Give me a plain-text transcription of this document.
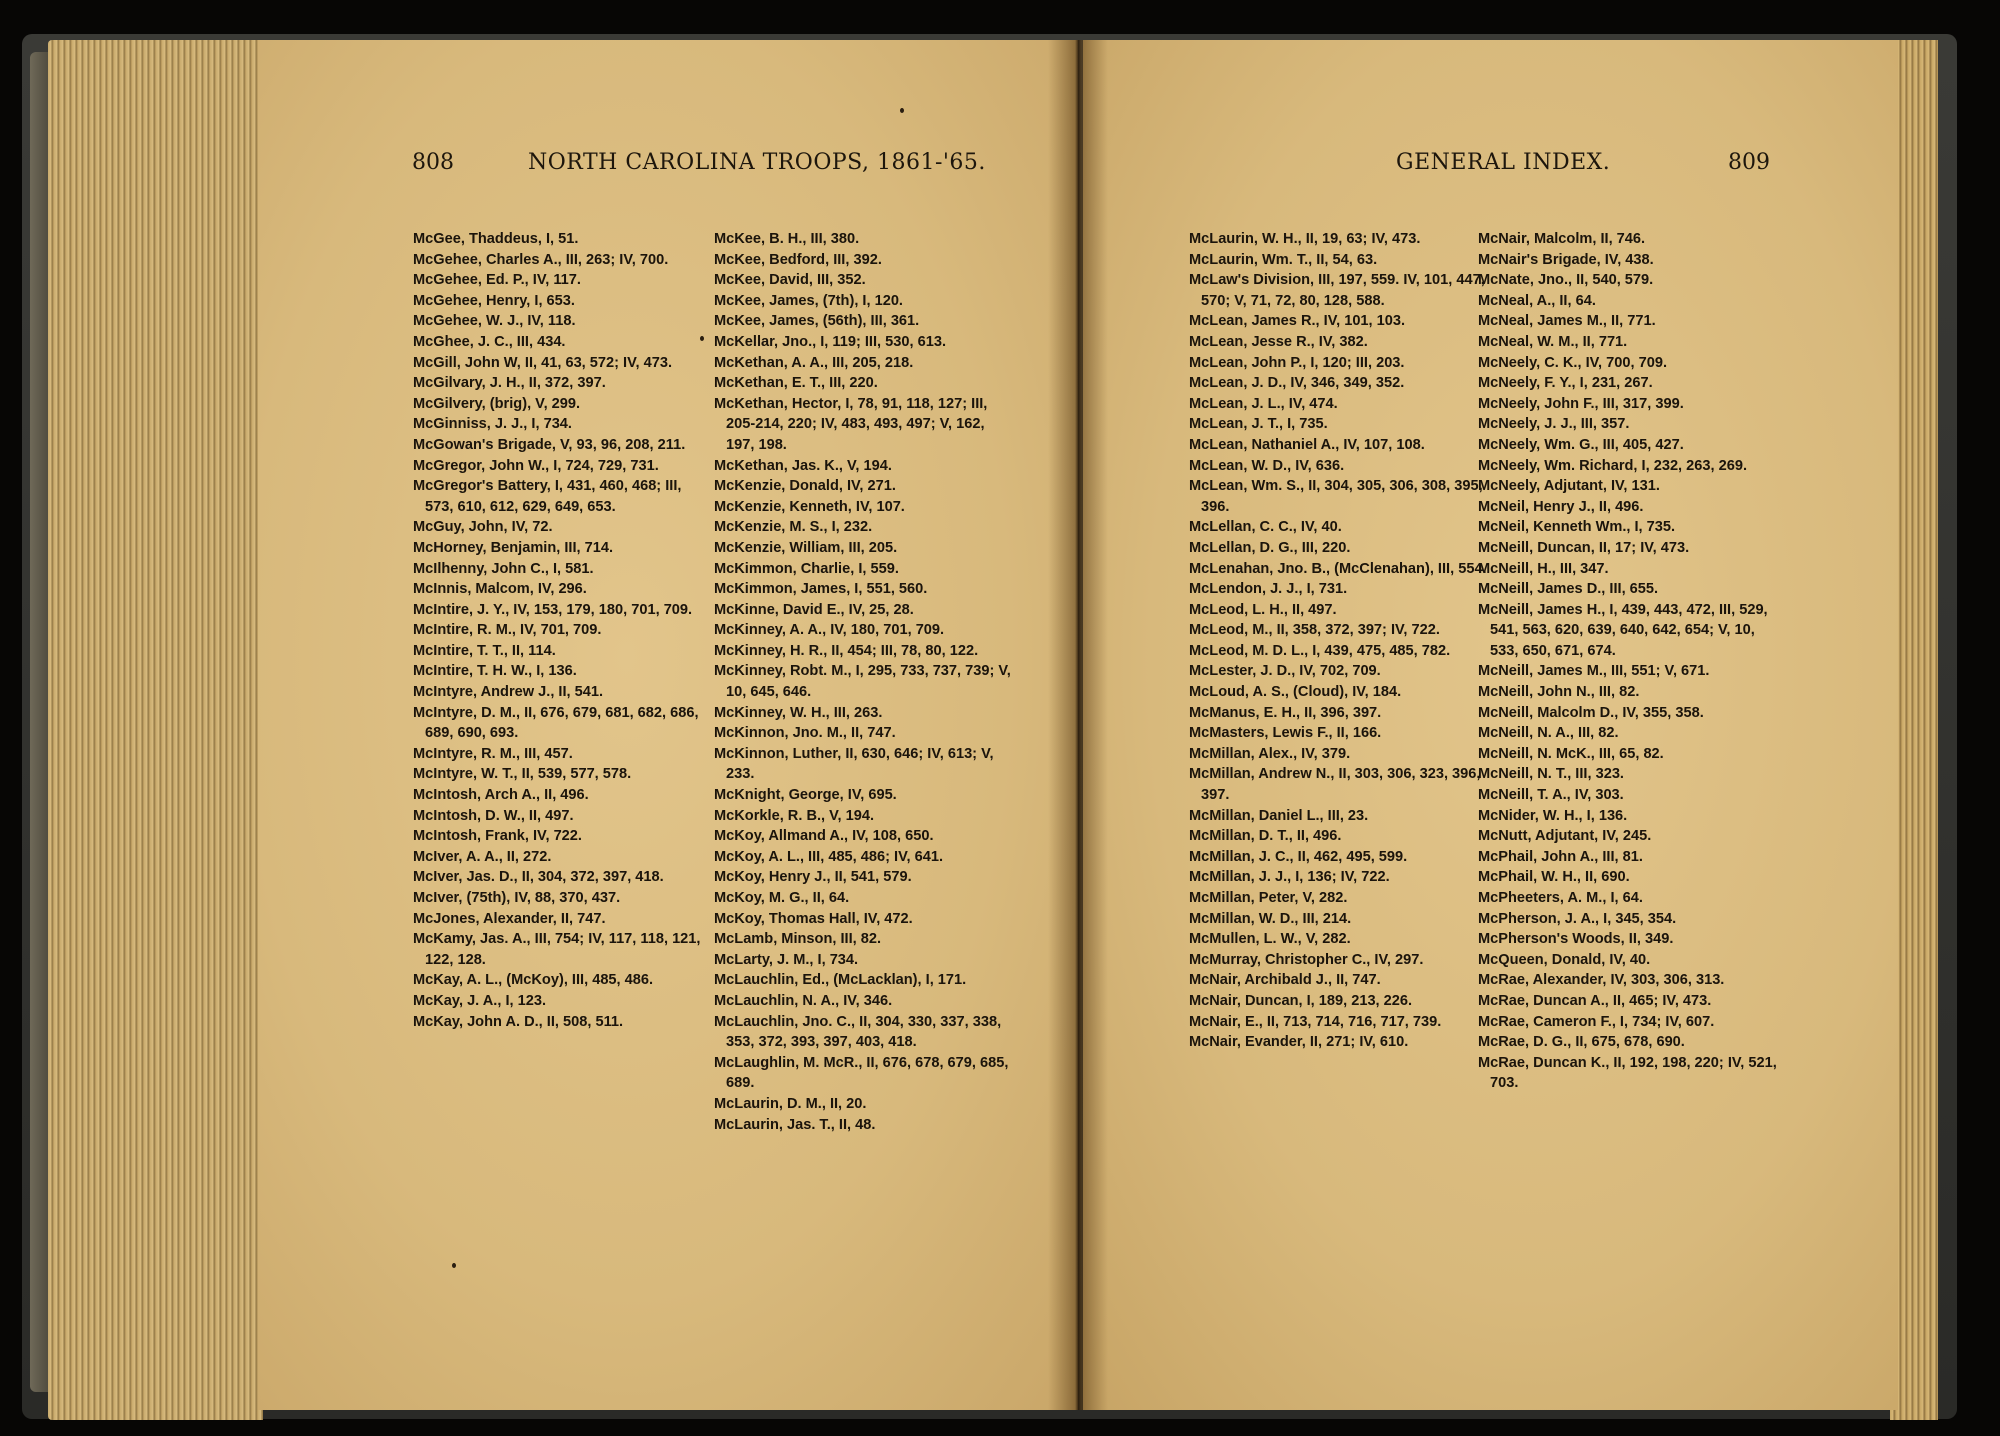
808	NORTH CAROLINA TROOPS, 1861-'65.	GENERAL INDEX.	809
McGee, Thaddeus, I, 51.
McGehee, Charles A., III, 263; IV, 700.
McGehee, Ed. P., IV, 117.
McGehee, Henry, I, 653.
McGehee, W. J., IV, 118.
McGhee, J. C., III, 434.
McGill, John W, II, 41, 63, 572; IV, 473.
McGilvary, J. H., II, 372, 397.
McGilvery, (brig), V, 299.
McGinniss, J. J., I, 734.
McGowan's Brigade, V, 93, 96, 208, 211.
McGregor, John W., I, 724, 729, 731.
McGregor's Battery, I, 431, 460, 468; III, 573, 610, 612, 629, 649, 653.
McGuy, John, IV, 72.
McHorney, Benjamin, III, 714.
McIlhenny, John C., I, 581.
McInnis, Malcom, IV, 296.
McIntire, J. Y., IV, 153, 179, 180, 701, 709.
McIntire, R. M., IV, 701, 709.
McIntire, T. T., II, 114.
McIntire, T. H. W., I, 136.
McIntyre, Andrew J., II, 541.
McIntyre, D. M., II, 676, 679, 681, 682, 686, 689, 690, 693.
McIntyre, R. M., III, 457.
McIntyre, W. T., II, 539, 577, 578.
McIntosh, Arch A., II, 496.
McIntosh, D. W., II, 497.
McIntosh, Frank, IV, 722.
McIver, A. A., II, 272.
McIver, Jas. D., II, 304, 372, 397, 418.
McIver, (75th), IV, 88, 370, 437.
McJones, Alexander, II, 747.
McKamy, Jas. A., III, 754; IV, 117, 118, 121, 122, 128.
McKay, A. L., (McKoy), III, 485, 486.
McKay, J. A., I, 123.
McKay, John A. D., II, 508, 511.
McKee, B. H., III, 380.
McKee, Bedford, III, 392.
McKee, David, III, 352.
McKee, James, (7th), I, 120.
McKee, James, (56th), III, 361.
McKellar, Jno., I, 119; III, 530, 613.
McKethan, A. A., III, 205, 218.
McKethan, E. T., III, 220.
McKethan, Hector, I, 78, 91, 118, 127; III, 205-214, 220; IV, 483, 493, 497; V, 162, 197, 198.
McKethan, Jas. K., V, 194.
McKenzie, Donald, IV, 271.
McKenzie, Kenneth, IV, 107.
McKenzie, M. S., I, 232.
McKenzie, William, III, 205.
McKimmon, Charlie, I, 559.
McKimmon, James, I, 551, 560.
McKinne, David E., IV, 25, 28.
McKinney, A. A., IV, 180, 701, 709.
McKinney, H. R., II, 454; III, 78, 80, 122.
McKinney, Robt. M., I, 295, 733, 737, 739; V, 10, 645, 646.
McKinney, W. H., III, 263.
McKinnon, Jno. M., II, 747.
McKinnon, Luther, II, 630, 646; IV, 613; V, 233.
McKnight, George, IV, 695.
McKorkle, R. B., V, 194.
McKoy, Allmand A., IV, 108, 650.
McKoy, A. L., III, 485, 486; IV, 641.
McKoy, Henry J., II, 541, 579.
McKoy, M. G., II, 64.
McKoy, Thomas Hall, IV, 472.
McLamb, Minson, III, 82.
McLarty, J. M., I, 734.
McLauchlin, Ed., (McLacklan), I, 171.
McLauchlin, N. A., IV, 346.
McLauchlin, Jno. C., II, 304, 330, 337, 338, 353, 372, 393, 397, 403, 418.
McLaughlin, M. McR., II, 676, 678, 679, 685, 689.
McLaurin, D. M., II, 20.
McLaurin, Jas. T., II, 48.
McLaurin, W. H., II, 19, 63; IV, 473.
McLaurin, Wm. T., II, 54, 63.
McLaw's Division, III, 197, 559. IV, 101, 447, 570; V, 71, 72, 80, 128, 588.
McLean, James R., IV, 101, 103.
McLean, Jesse R., IV, 382.
McLean, John P., I, 120; III, 203.
McLean, J. D., IV, 346, 349, 352.
McLean, J. L., IV, 474.
McLean, J. T., I, 735.
McLean, Nathaniel A., IV, 107, 108.
McLean, W. D., IV, 636.
McLean, Wm. S., II, 304, 305, 306, 308, 395, 396.
McLellan, C. C., IV, 40.
McLellan, D. G., III, 220.
McLenahan, Jno. B., (McClenahan), III, 554.
McLendon, J. J., I, 731.
McLeod, L. H., II, 497.
McLeod, M., II, 358, 372, 397; IV, 722.
McLeod, M. D. L., I, 439, 475, 485, 782.
McLester, J. D., IV, 702, 709.
McLoud, A. S., (Cloud), IV, 184.
McManus, E. H., II, 396, 397.
McMasters, Lewis F., II, 166.
McMillan, Alex., IV, 379.
McMillan, Andrew N., II, 303, 306, 323, 396, 397.
McMillan, Daniel L., III, 23.
McMillan, D. T., II, 496.
McMillan, J. C., II, 462, 495, 599.
McMillan, J. J., I, 136; IV, 722.
McMillan, Peter, V, 282.
McMillan, W. D., III, 214.
McMullen, L. W., V, 282.
McMurray, Christopher C., IV, 297.
McNair, Archibald J., II, 747.
McNair, Duncan, I, 189, 213, 226.
McNair, E., II, 713, 714, 716, 717, 739.
McNair, Evander, II, 271; IV, 610.
McNair, Malcolm, II, 746.
McNair's Brigade, IV, 438.
McNate, Jno., II, 540, 579.
McNeal, A., II, 64.
McNeal, James M., II, 771.
McNeal, W. M., II, 771.
McNeely, C. K., IV, 700, 709.
McNeely, F. Y., I, 231, 267.
McNeely, John F., III, 317, 399.
McNeely, J. J., III, 357.
McNeely, Wm. G., III, 405, 427.
McNeely, Wm. Richard, I, 232, 263, 269.
McNeely, Adjutant, IV, 131.
McNeil, Henry J., II, 496.
McNeil, Kenneth Wm., I, 735.
McNeill, Duncan, II, 17; IV, 473.
McNeill, H., III, 347.
McNeill, James D., III, 655.
McNeill, James H., I, 439, 443, 472, III, 529, 541, 563, 620, 639, 640, 642, 654; V, 10, 533, 650, 671, 674.
McNeill, James M., III, 551; V, 671.
McNeill, John N., III, 82.
McNeill, Malcolm D., IV, 355, 358.
McNeill, N. A., III, 82.
McNeill, N. McK., III, 65, 82.
McNeill, N. T., III, 323.
McNeill, T. A., IV, 303.
McNider, W. H., I, 136.
McNutt, Adjutant, IV, 245.
McPhail, John A., III, 81.
McPhail, W. H., II, 690.
McPheeters, A. M., I, 64.
McPherson, J. A., I, 345, 354.
McPherson's Woods, II, 349.
McQueen, Donald, IV, 40.
McRae, Alexander, IV, 303, 306, 313.
McRae, Duncan A., II, 465; IV, 473.
McRae, Cameron F., I, 734; IV, 607.
McRae, D. G., II, 675, 678, 690.
McRae, Duncan K., II, 192, 198, 220; IV, 521, 703.
